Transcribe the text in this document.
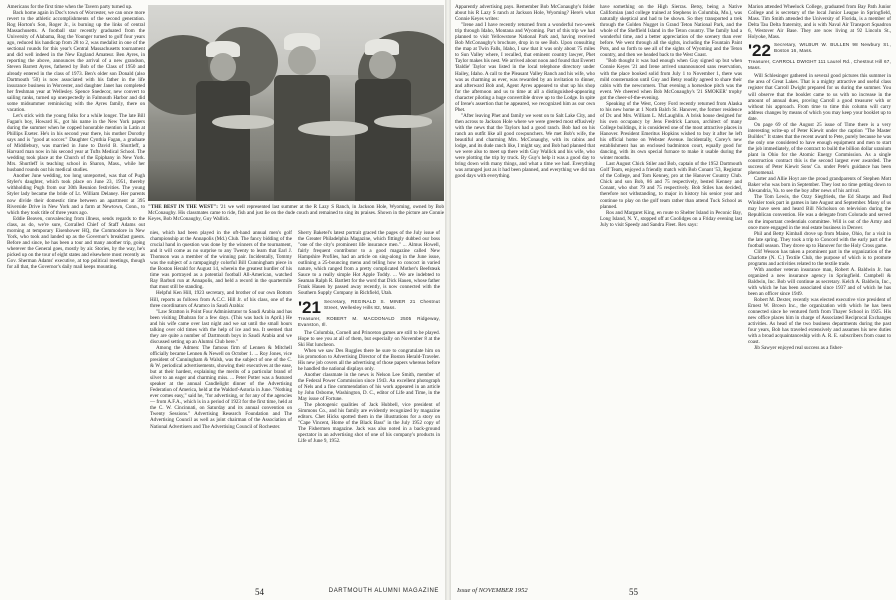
Americans for the first time when the Tavern party turned up.

Back home again in Doc's town of Worcester, we can once more revert to the athletic accomplishments of the second generation. Rog Horton's Son, Roger Jr., is burning up the links of central Massachusetts. A football star recently graduated from the University of Alabama, Rog the Younger turned to golf four years ago, reduced his handicap from 28 to 2, was medalist in one of the sectional rounds for this year's Central Massachusetts tournament and did well indeed in the New England Amateur. Ben Ayres, in reporting the above, announces the arrival of a new grandson, Steven Barrett Ayres, fathered by Bob of the Class of 1950 and already entered in the class of 1973. Ben's older son Donald (also Dartmouth '50) is now associated with his father in the life insurance business in Worcester, and daughter Janet has completed her freshman year at Wellesley. Spence Snedecor, new convert to sailing ranks, turned up unexpectedly in Falmouth Harbor and did some midsummer reminiscing with the Ayres family, there on vacation.

Let's stick with the young folks for a while longer. The late Bill Fagan's boy, Howard K., got his name in the New York papers during the summer when he copped honorable mention in Latin at Phillips Exeter. He's in his second year there, his mother Dorothy says and is "good at soccer." Daughter Cynthia Fagan, a graduate of Middlebury, was married in June to David B. Shurtleff, a Harvard man now in his second year at Tufts Medical School. The wedding took place at the Church of the Epiphany in New York. Mrs. Shurtleff is teaching school in Sharon, Mass., while her husband rounds out his medical studies.

Another June wedding, too long unreported, was that of Pugh Styler's daughter, which took place on June 23, 1951, thereby withholding Pugh from our 30th Reunion festivities. The young Styler lady became the bride of Lt. William Delaney. Her parents now divide their domestic time between an apartment at 395 Riverside Drive in New York and a farm at Newtown, Conn., to which they took title of three years ago.

Eddie Beaven, convalescing from illness, sends regards to the class, as do, we're sure, Corralled Chief of Staff Adams out morning at temporary Eisenhower HQ, the Commodore in New York, who took and landed up as the Governor's breakfast guests. Before and since, he has been a tour and many another trip, going wherever the General goes, mostly by air. Stories, by the way, he's picked up on the tour of eight states and elsewhere most recently as Gov. Sherman Adams' executive, at top political meetings, though for all that, the Governor's daily mail keeps mounting.

"THE BEST IN THE WEST": '21 we well represented last summer at the R Lazy S Ranch, in Jackson Hole, Wyoming, owned by Bob McConaughy. His classmates came to ride, fish and just lie on the dude couch and remained to sing its praises. Shown in the picture are Connie Keyes, Bob McConaughy, Guy Wallick.

nies, which had been played in the oft-hand annual men's golf championship at the Annapolis (Md.) Club. The fancy bidding of the crucial hand in question was done by the winners of the tournament, and it will come as no surprise to any Twenty to learn that Earl J. Thomson was a member of the winning pair. Incidentally, Tommy was the subject of a rampagingly colorful Bill Cunningham piece in the Boston Herald for August 14, wherein the greatest hurdler of his time was portrayed as a potential football All-American, watched Ray Barbuti run at Annapolis, and held a record in the quartermile that must still be standing.

Helpful Ken Hill, 1923 secretary, and brother of our own Bottom Hill, reports as follows from A.C.C. Hill Jr. of his class, one of the three coordinators of Aramco in Saudi Arabia:

"Law Stratton is Point Four Administrator to Saudi Arabia and has been visiting Dhahran for a few days. (This was back in April.) He and his wife came over last night and we sat until the small hours talking over old times with the help of ice and tea. It seemed that they are quite a number of Dartmouth boys in Saudi Arabia and we discussed setting up an Alumni Club here."

Among the Admen: The famous firm of Lennen & Mitchell officially became Lennen & Newell on October 1. ... Roy Jones, vice president of Cunningham & Walsh, was the subject of one of the C. & W. periodical advertisements, showing their executives at the ease, but at their hardest, explaining the merits of a particular brand of silver to an eager and charming miss. ... Peter Potter was a featured speaker at the annual Candlelight dinner of the Advertising Federation of America, held at the Waldorf-Astoria in June. "Nothing ever comes easy," said he, "for advertising, or for any of the agencies — from A.F.A., which is in a period of 1923 for the first time, held at the C. W. Cincinnati, on Saturday and its annual convention on Twenty Sessions." Advertising Research Foundation and The Advertising Council as well as joint chairman of the Association of National Advertisers and The Advertising Council of Rochester.

Sherry Baketel's latest portrait graced the pages of the July issue of the Greater Philadelphia Magazine, which fittingly dubbed our boss "one of the city's prominent life insurance men." ... Almus Howell, fairly frequent contributor to a good magazine called New Hampshire Profiles, had an article on sing-along in the June issue, outlining a 25-bouncing menu and telling how to concoct in varied nature, which ranged from a pretty complicated Mother's Beefsteak Sauce to a really simple Hot Apple Toddy. ... We are indebted to Seaman Ralph R. Bartlett for the word that Dick Hauen, whose father Frank Hauen by passed away recently, is now connected with the Southern Supply Company in Richfield, Utah.

'21 Secretary, REGINALD S. MINER 21 Chestnut Street, Wellesley Hills 82, Mass.
Treasurer, ROBERT M. MACDONALD 2505 Ridgeway, Evanston, Ill.

The Columbia, Cornell and Princeton games are still to be played. Hope to see you at all of them, but especially on November 8 at the Ski Hut luncheon.

When we saw Des Ruggles there he sure to congratulate him on his promotion to Advertising Director of the Boston Herald-Traveler. His new job covers all the advertising of those papers whereas before he handled the national displays only.

Another classmate in the news is Nelson Lee Smith, member of the Federal Power Commission since 1943. An excellent photograph of Nels and a fine commendation of his work appeared in an article by John Osborne, Washington, D. C., editor of Life and Time, in the May issue of Fortune.

The photogenic qualities of Jack Hubbell, vice president of Simmons Co., and his family are evidently recognized by magazine editors. Chet Hicks spotted them in the illustrations for a story on "Cape Vincent, Home of the Black Bass" in the July 1952 copy of The Fishermen magazine. Jack was also noted in a back-ground spectator in an advertising shot of one of his company's products in Life of June 9, 1952.

54	DARTMOUTH ALUMNI MAGAZINE

Apparently advertising pays. Remember Bob McConaughy's folder about his R Lazy S ranch at Jackson Hole, Wyoming? Here's what Connie Keyes writes:

"Irene and I have recently returned from a wonderful two-week trip through Idaho, Montana and Wyoming. Part of this trip we had planned to visit Yellowstone National Park and, having received Bob McConaughy's brochure, drop in to see Bob. Upon consulting the map at Twin Falls, Idaho, I saw that it was only about 75 miles to Sun Valley where, I recalled, that eminent country lawyer, Phet Taylor makes his nest. We arrived about noon and found that Everett 'Baldie' Taylor was listed in the local telephone directory under Hailey, Idaho. A call to the Pleasant Valley Ranch and his wife, who was as charming as ever, was rewarded by an invitation to dinner, and afterward Bob and, Agent Ayres appeared to shut up his shop for the afternoon and us to time at all a distinguished-appearing character piloting a huge convertible drove up to the Lodge. In spite of Irene's assertion that he appeared, we recognized him as our own Phet.

"After leaving Phet and family we went on to Salt Lake City, and then across to Jackson Hole where we were greeted most effusively with the news that the Taylors had a good ranch. Bob had on his ranch an outfit like all good cowpunchers. We met Bob's wife, the beautiful and charming Mrs. McConaughy, with its cabins and lodge, and its dude ranch like, I might say, and Bob had planned that we were also to meet up there with Guy Wallick and his wife, who were plotting the trip by truck. By Guy's help it was a good day to bring down with many things, and what a time we had. Everything was arranged just as it had been planned, and everything we did ran good days with everything.

have something on the High Sierras. Betsy, being a Native Californian (and college trained at Stephens in Columbia, Mo.), was naturally skeptical and had to be shown. So they transported a trek through the Golden Nugget in Grand Teton National Park, and the whole of the Sheffield Island in the Teton country. The family had a wonderful time, and a better appreciation of the scenery than ever before. We went through all the sights, including the Fountain Paint Pots, and so forth to see all of the sights of Wyoming and the Teton country, and then we headed back to the West Coast.

"Bob thought it was bad enough when Guy signed up but when Connie Keyes '21 and Irene arrived unannounced sans reservation, with the place booked solid from July 1 to November 1, there was mild consternation until Guy and Betsy readily agreed to share their cabin with the newcomers. That evening a horseshoe pitch was the event. We cheered when Bob McConaughy's '21 SMOKER' trophy got the cheer-of-the-evening.

Speaking of the West, Corey Ford recently returned from Alaska to his new home at 1 North Balch St. Hanover, the former residence of Dr. and Mrs. William L. McLaughlin. A brisk house designed for his own occupancy by Jens Fredrick Larson, architect of many College buildings, it is considered one of the most attractive places in Hanover. President Emeritus Hopkins wished to buy it after he left his official home on Webster Avenue. Incidentally, Corey's new establishment has an enclosed badminton court, equally good for dancing, with its own special furnace to make it usable during the winter months.

Last August Chick Stiler and Bob, captain of the 1952 Dartmouth Golf Team, enjoyed a friendly match with Bob Conant '53, Registrar of the College, and Tom Kenney, pro at the Hanover Country Club. Chick and son Bob, 86 and 75 respectively, bested Kenney and Conant, who shot 79 and 75 respectively. Bob Stiles has decided, therefore not withstanding, to major in history his senior year and continue to play on the golf team rather than attend Tuck School as planned.

Ros and Margaret King, en route to Shelter Island in Peconic Bay, Long Island, N. Y., stopped off at Coolidges on a Friday evening last July to visit Speedy and Sandra Fleet. Rex says:

Marion attended Wheelock College, graduated from Bay Path Junior College and is secretary of the local Junior League in Springfield, Mass. Tim Smith attended the University of Florida, is a member of Delta Tau Delta fraternity, and is with Naval Air Transport Squadron 6, Westover Air Base. They are now living at 92 Lincoln St., Holyoke, Mass.

'22 Secretary, WILBUR W. BULLEN 98 Newbury St., Boston 16, Mass.
Treasurer, CARROLL DWIGHT 111 Laurel Rd., Chestnut Hill 67, Mass.

Will Schlesinger gathered in several good pictures this summer in the area of Great Lakes. That is a mighty attractive and useful class register that Carroll Dwight prepared for us during the summer. You will observe that the booklet came to us with no increase in the amount of annual dues, proving Carroll a good treasurer with or without his approach. From time to time this column will carry address changes by means of which you may keep your booklet up to date.

On page 69 of the August 25 issue of Time there is a very interesting write-up of Peter Kiewit under the caption "The Master Builder." It states that the recent award to Pete, purely because he was the only one considered to have enough equipment and men to start the job immediately, of the contract to build the billion dollar uranium plant in Ohio for the Atomic Energy Commission. As a single construction contract this is the second largest ever awarded. The success of Peter Kiewit Sons' Co. under Pete's guidance has been phenomenal.

Carter and Allie Hoyt are the proud grandparents of Stephen Mott Baker who was born in September. They lost no time getting down to Alexandria, Va. to see the boy after news of his arrival.

The Tom Lewis, the Ozzy Siegfrieds, the Ed Sharps and Bud Winkler took part in games in late August and September. Many of us may have seen and heard Bill Nicholson on television during the Republican convention. He was a delegate from Colorado and served on the important credentials committee. Will is out of the Army and once more engaged in the real estate business in Denver.

Phil and Betty Kimball drove up from Maine, Ohio, for a visit in the late spring. They took a trip to Concord with the early part of the football season. They drove up to Hanover for the Holy Cross game.

Clif Wesson has taken a prominent part in the organization of the Charlotte (N. C.) Textile Club, the purpose of which is to promote programs and activities related to the textile trade.

With another veteran insurance man, Robert A. Baldwin Jr. has organized a new insurance agency in Springfield. Campbell & Baldwin, Inc. Bob will continue as secretary. Kelch A. Baldwin, Inc., with which he has been associated since 1937 and of which he has been an officer since 1949.

Robert M. Dexter, recently was elected executive vice president of Ernest W. Brown Inc., the organization with which he has been connected since he ventured forth from Thayer School in 1925. His new office places him in charge of Associated Reciprocal Exchanges activities. As head of the two business departments during the past four years, Bob has traveled extensively and assumes his new duties with a broad acquaintanceship with A. R. E. subscribers from coast to coast.

Jib Sawyer enjoyed real success as a fisher-

Issue of NOVEMBER 1952	55
